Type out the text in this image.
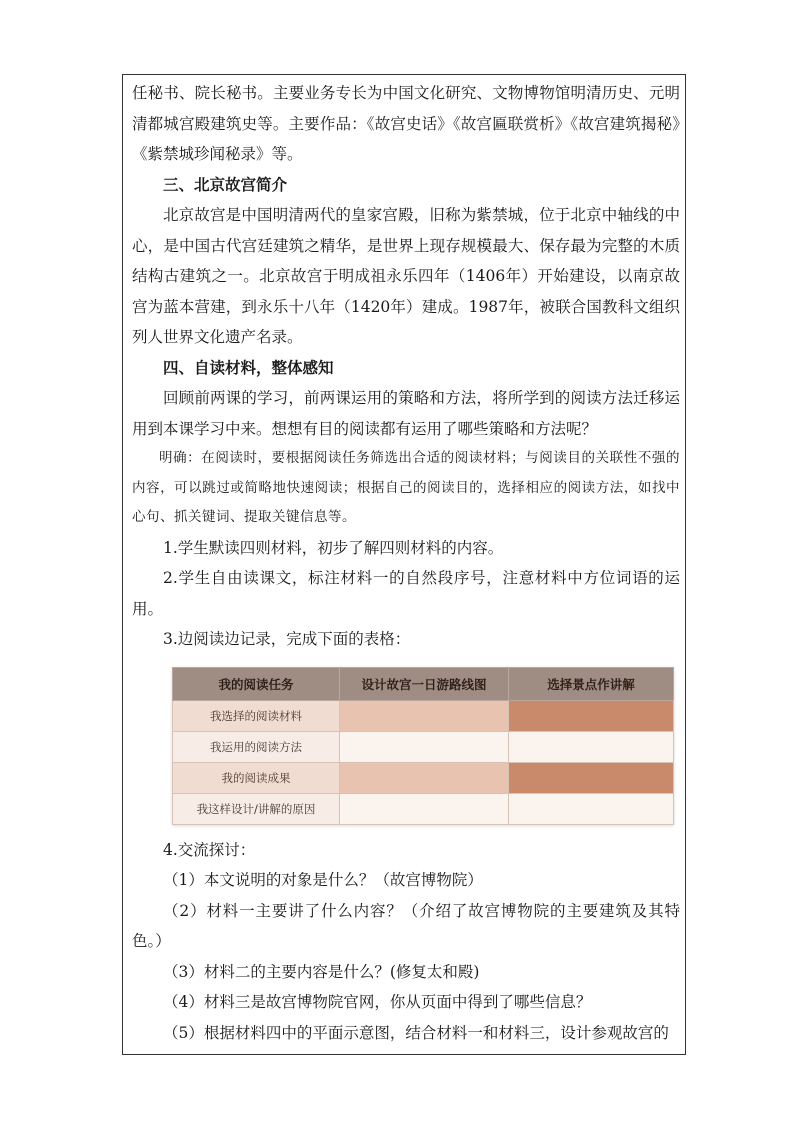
任秘书、院长秘书。主要业务专长为中国文化研究、文物博物馆明清历史、元明清都城宫殿建筑史等。主要作品：《故宫史话》《故宫匾联赏析》《故宫建筑揭秘》《紫禁城珍闻秘录》等。

三、北京故宫简介

北京故宫是中国明清两代的皇家宫殿，旧称为紫禁城，位于北京中轴线的中心，是中国古代宫廷建筑之精华，是世界上现存规模最大、保存最为完整的木质结构古建筑之一。北京故宫于明成祖永乐四年（1406年）开始建设，以南京故宫为蓝本营建，到永乐十八年（1420年）建成。1987年，被联合国教科文组织列人世界文化遗产名录。

四、自读材料，整体感知

回顾前两课的学习，前两课运用的策略和方法，将所学到的阅读方法迁移运用到本课学习中来。想想有目的阅读都有运用了哪些策略和方法呢？

明确：在阅读时，要根据阅读任务筛选出合适的阅读材料；与阅读目的关联性不强的内容，可以跳过或简略地快速阅读；根据自己的阅读目的，选择相应的阅读方法，如找中心句、抓关键词、提取关键信息等。

1.学生默读四则材料，初步了解四则材料的内容。

2.学生自由读课文，标注材料一的自然段序号，注意材料中方位词语的运用。

3.边阅读边记录，完成下面的表格：

我的阅读任务	设计故宫一日游路线图	选择景点作讲解
我选择的阅读材料		
我运用的阅读方法		
我的阅读成果		
我这样设计/讲解的原因		

4.交流探讨：

（1）本文说明的对象是什么？（故宫博物院）

（2）材料一主要讲了什么内容？（介绍了故宫博物院的主要建筑及其特色。）

（3）材料二的主要内容是什么？(修复太和殿)

（4）材料三是故宫博物院官网，你从页面中得到了哪些信息？

（5）根据材料四中的平面示意图，结合材料一和材料三，设计参观故宫的
